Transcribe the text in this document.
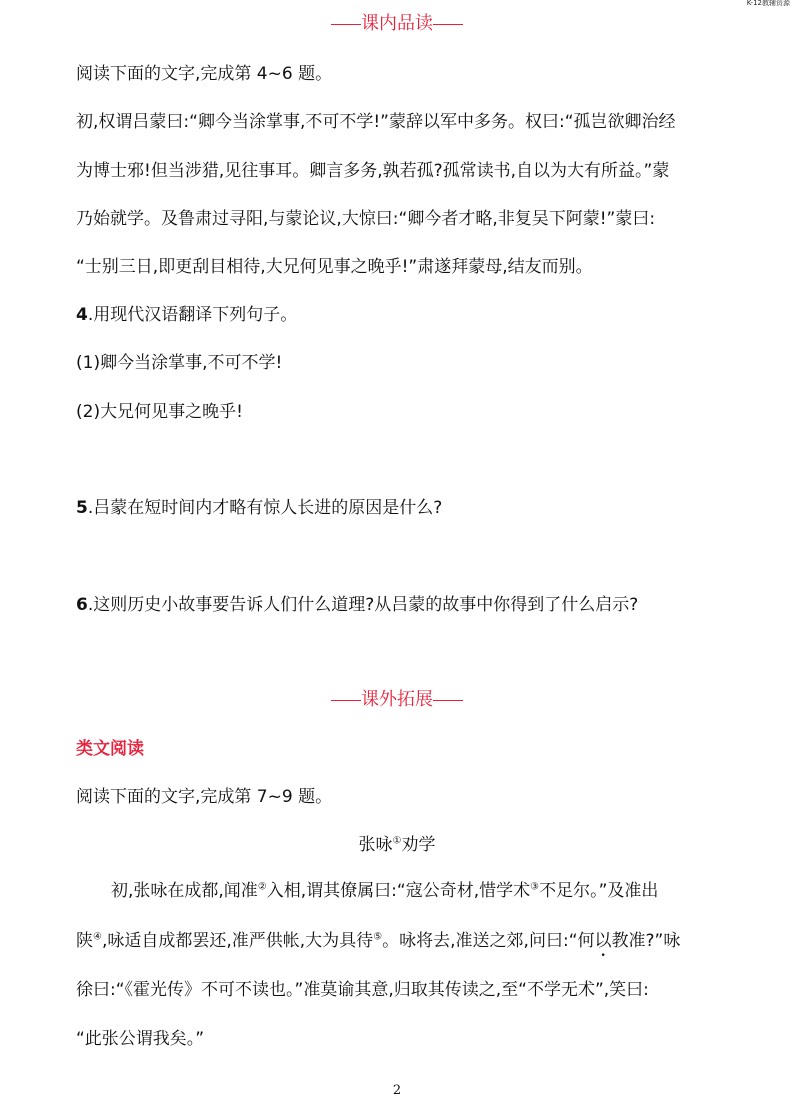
K-12教辅资源
课内品读
阅读下面的文字,完成第 4~6 题。
初,权谓吕蒙曰:“卿今当涂掌事,不可不学!”蒙辞以军中多务。权曰:“孤岂欲卿治经
为博士邪!但当涉猎,见往事耳。卿言多务,孰若孤?孤常读书,自以为大有所益。”蒙
乃始就学。及鲁肃过寻阳,与蒙论议,大惊曰:“卿今者才略,非复吴下阿蒙!”蒙曰:
“士别三日,即更刮目相待,大兄何见事之晚乎!”肃遂拜蒙母,结友而别。
4.用现代汉语翻译下列句子。
(1)卿今当涂掌事,不可不学!
(2)大兄何见事之晚乎!
5.吕蒙在短时间内才略有惊人长进的原因是什么?
6.这则历史小故事要告诉人们什么道理?从吕蒙的故事中你得到了什么启示?
课外拓展
类文阅读
阅读下面的文字,完成第 7~9 题。
张咏①劝学
初,张咏在成都,闻准②入相,谓其僚属曰:“寇公奇材,惜学术③不足尔。”及准出
陕④,咏适自成都罢还,准严供帐,大为具待⑤。咏将去,准送之郊,问曰:“何以教准?”咏
徐曰:“《霍光传》不可不读也。”准莫谕其意,归取其传读之,至“不学无术”,笑曰:
“此张公谓我矣。”
2
